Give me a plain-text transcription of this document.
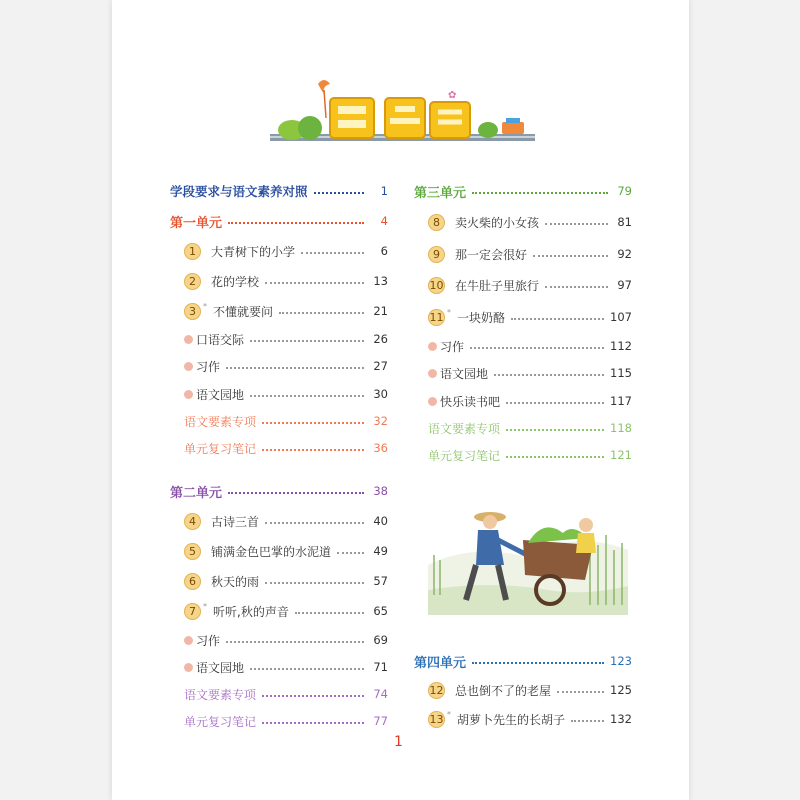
✿
学段要求与语文素养对照	1
第一单元	4
1	大青树下的小学	6
2	花的学校	13
3 * 不懂就要问	21
口语交际	26
习作	27
语文园地	30
语文要素专项	32
单元复习笔记	36
第二单元	38
4	古诗三首	40
5	铺满金色巴掌的水泥道	49
6	秋天的雨	57
7 * 听听,秋的声音	65
习作	69
语文园地	71
语文要素专项	74
单元复习笔记	77
第三单元	79
8	卖火柴的小女孩	81
9	那一定会很好	92
10 在牛肚子里旅行	97
11 * 一块奶酪	107
习作	112
语文园地	115
快乐读书吧	117
语文要素专项	118
单元复习笔记	121
第四单元	123
12 总也倒不了的老屋	125
13 * 胡萝卜先生的长胡子	132
1
